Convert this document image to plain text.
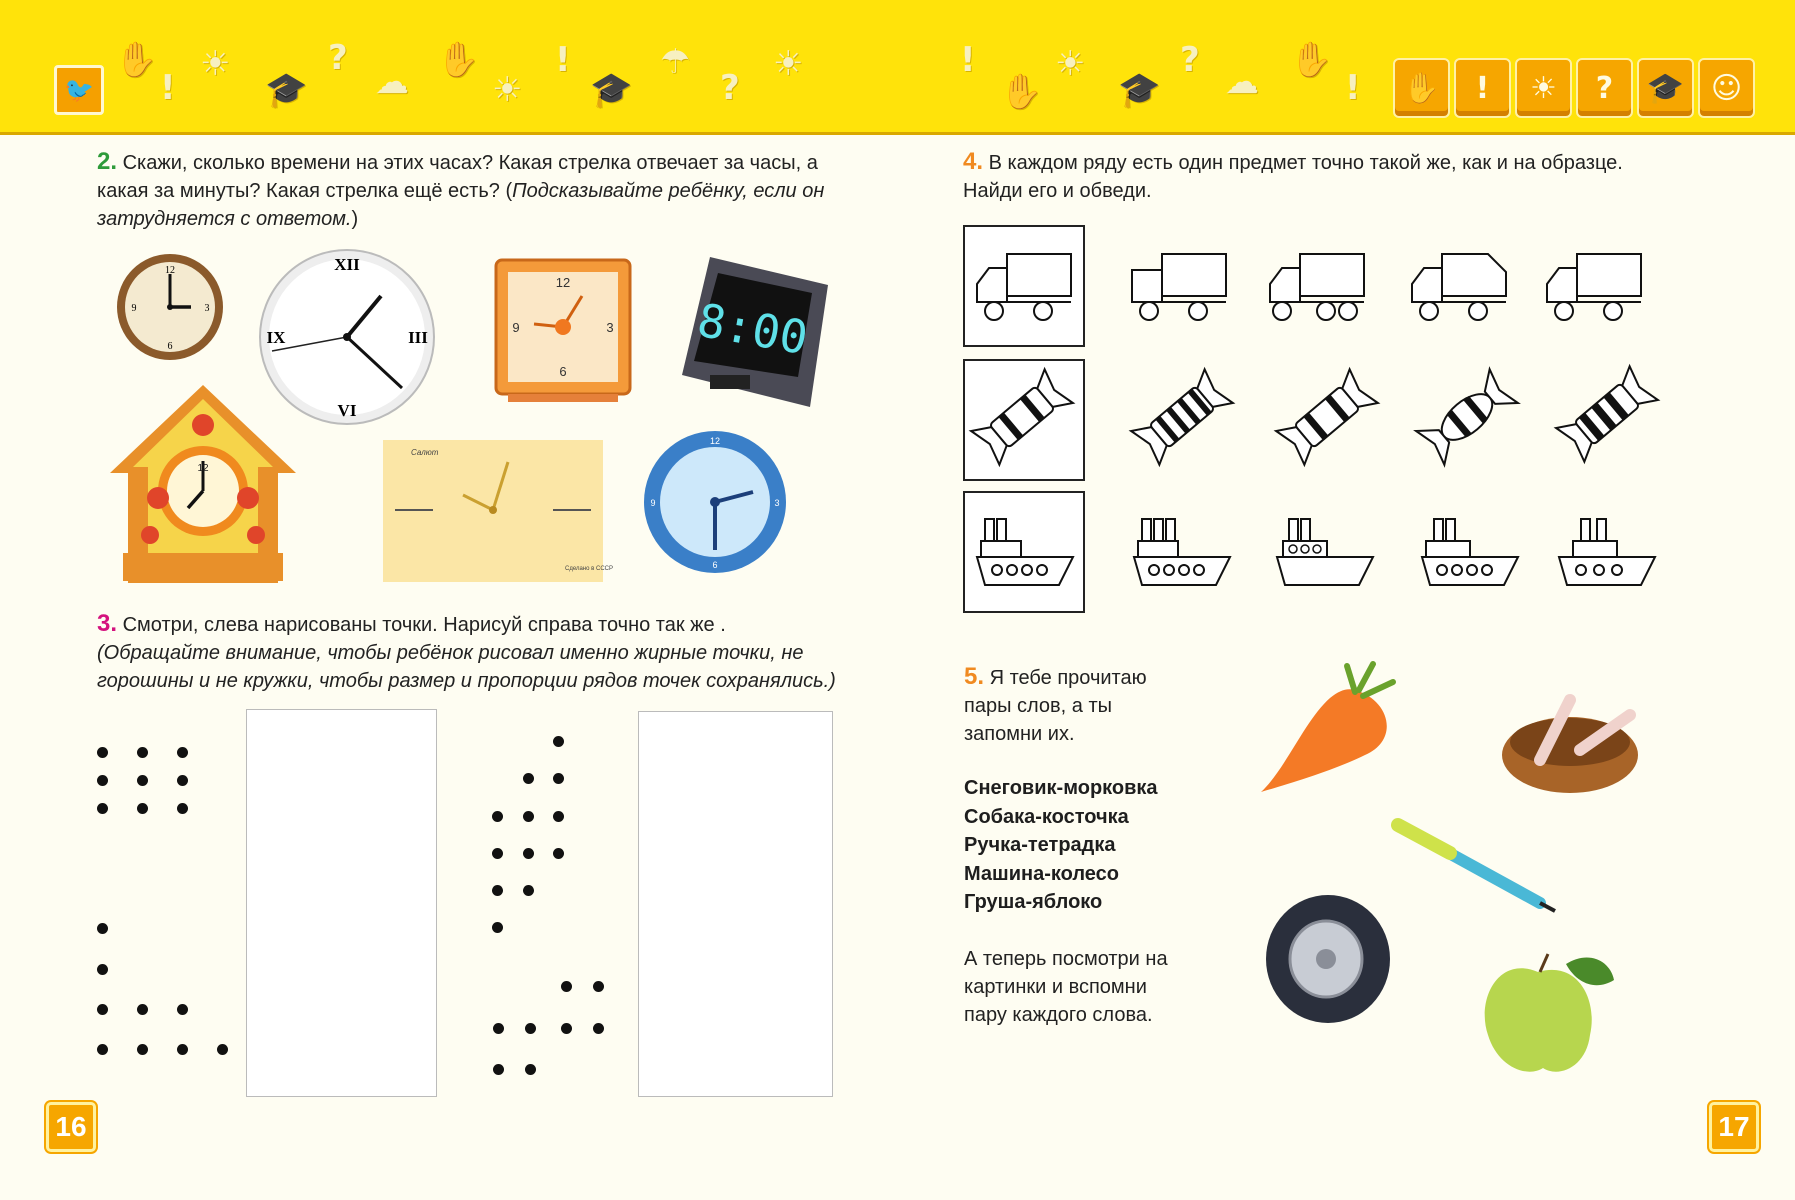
🐦
✋
!
☀
🎓
?
☁
✋
☀
!
🎓
☂
?
☀	!
✋
☀
🎓
?
☁
✋
!	✋	!	☀	?	🎓 ☺
2. Скажи, сколько времени на этих часах? Какая стрелка отвечает за часы, а какая за минуты? Какая стрелка ещё есть? (Подсказывайте ребёнку, если он затрудняется с ответом.)
12
3
6
9
XII
III
VI
IX
12
3
6
9	8:00
12
Салют
Сделано в СССР
12
3
6
9
3. Смотри, слева нарисованы точки. Нарисуй справа точно так же .
(Обращайте внимание, чтобы ребёнок рисовал именно жирные точки, не горошины и не кружки, чтобы размер и пропорции рядов точек сохранялись.)
16
4. В каждом ряду есть один предмет точно такой же, как и на образце. Найди его и обведи.
5. Я тебе прочитаю пары слов, а ты запомни их.
Снеговик-морковка
Собака-косточка
Ручка-тетрадка
Машина-колесо
Груша-яблоко
А теперь посмотри на картинки и вспомни пару каждого слова.
17
